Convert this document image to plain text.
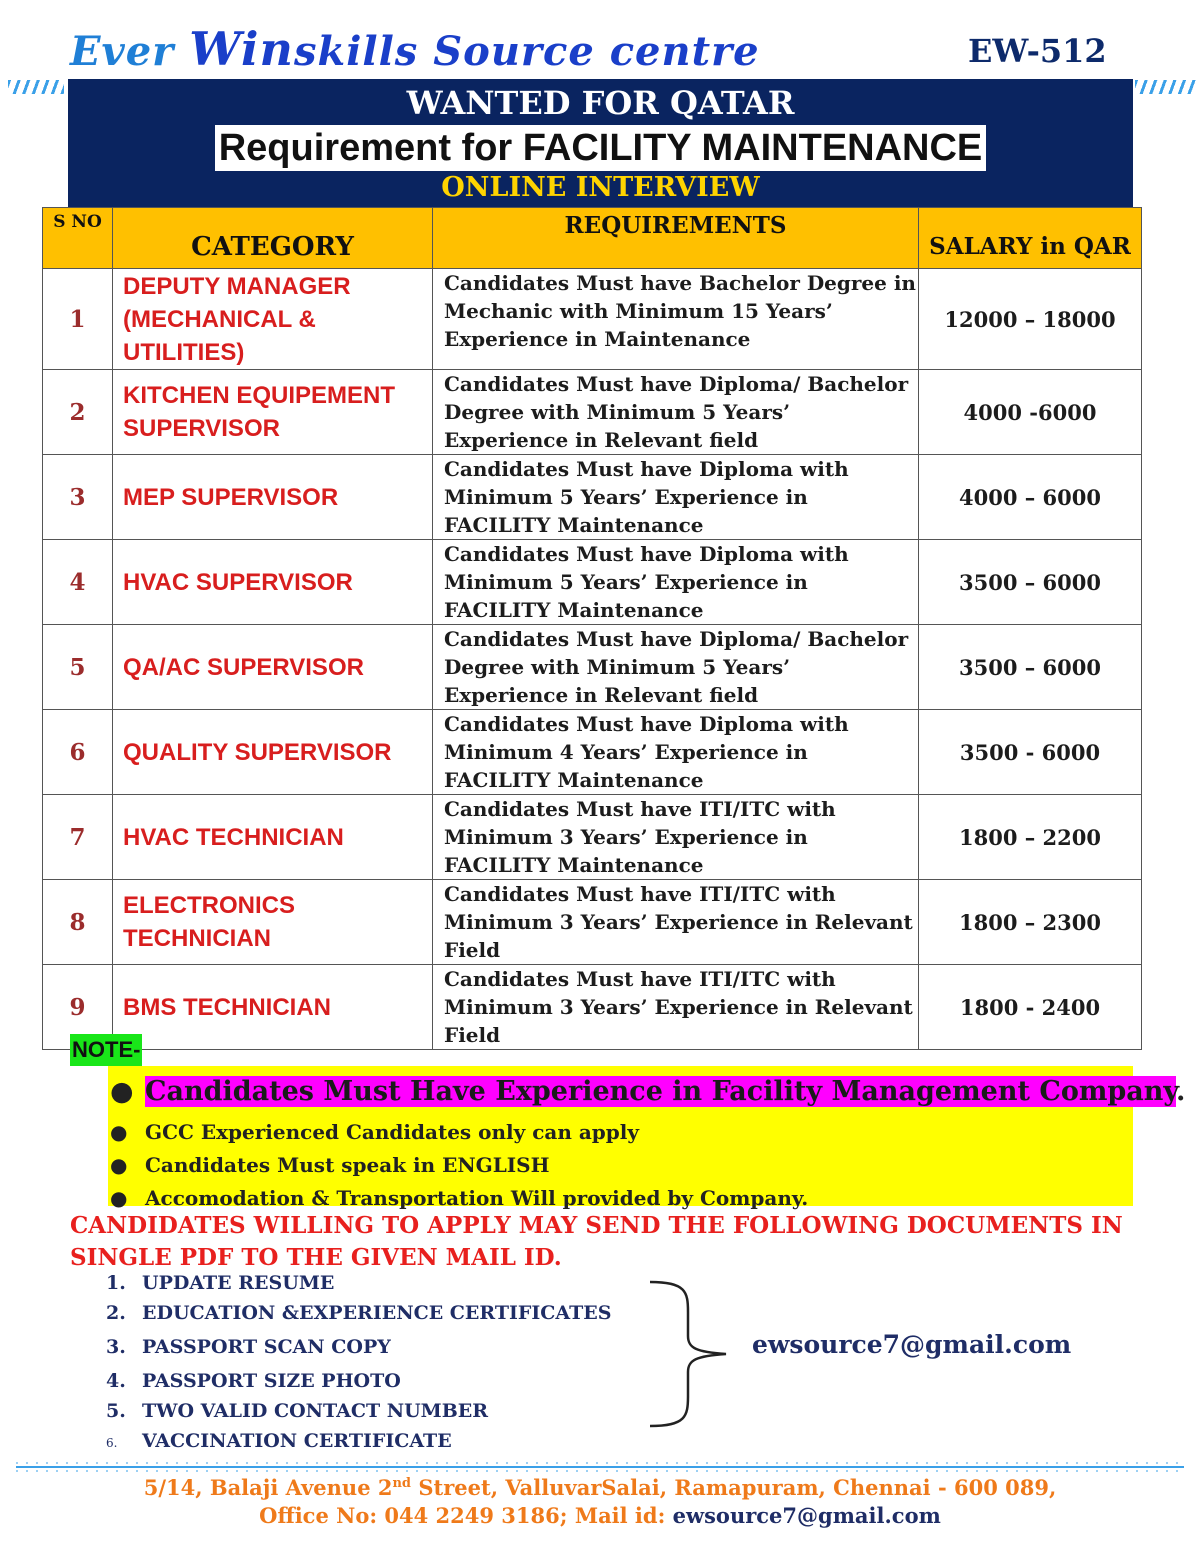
Ever Winskills Source centre	EW-512
WANTED FOR QATAR
Requirement for FACILITY MAINTENANCE
ONLINE INTERVIEW
S NO	CATEGORY	REQUIREMENTS	SALARY in QAR
1	DEPUTY MANAGER (MECHANICAL & UTILITIES)	Candidates Must have Bachelor Degree in Mechanic with Minimum 15 Years’ Experience in Maintenance	12000 – 18000
2	KITCHEN EQUIPEMENT SUPERVISOR	Candidates Must have Diploma/ Bachelor Degree with Minimum 5 Years’ Experience in Relevant field	4000 -6000
3	MEP SUPERVISOR	Candidates Must have Diploma with Minimum 5 Years’ Experience in FACILITY Maintenance	4000 – 6000
4	HVAC SUPERVISOR	Candidates Must have Diploma with Minimum 5 Years’ Experience in FACILITY Maintenance	3500 – 6000
5	QA/AC SUPERVISOR	Candidates Must have Diploma/ Bachelor Degree with Minimum 5 Years’ Experience in Relevant field	3500 – 6000
6	QUALITY SUPERVISOR	Candidates Must have Diploma with Minimum 4 Years’ Experience in FACILITY Maintenance	3500 - 6000
7	HVAC TECHNICIAN	Candidates Must have ITI/ITC with Minimum 3 Years’ Experience in FACILITY Maintenance	1800 – 2200
8	ELECTRONICS TECHNICIAN	Candidates Must have ITI/ITC with Minimum 3 Years’ Experience in Relevant Field	1800 – 2300
9	BMS TECHNICIAN	Candidates Must have ITI/ITC with Minimum 3 Years’ Experience in Relevant Field	1800 - 2400
NOTE-
● Candidates Must Have Experience in Facility Management Company.
● GCC Experienced Candidates only can apply
● Candidates Must speak in ENGLISH
● Accomodation & Transportation Will provided by Company.
CANDIDATES WILLING TO APPLY MAY SEND THE FOLLOWING DOCUMENTS IN SINGLE PDF TO THE GIVEN MAIL ID.
1. UPDATE RESUME
2. EDUCATION &EXPERIENCE CERTIFICATES
3. PASSPORT SCAN COPY
4. PASSPORT SIZE PHOTO
5. TWO VALID CONTACT NUMBER
6. VACCINATION CERTIFICATE
ewsource7@gmail.com
5/14, Balaji Avenue 2nd Street, ValluvarSalai, Ramapuram, Chennai - 600 089,
Office No: 044 2249 3186; Mail id: ewsource7@gmail.com
